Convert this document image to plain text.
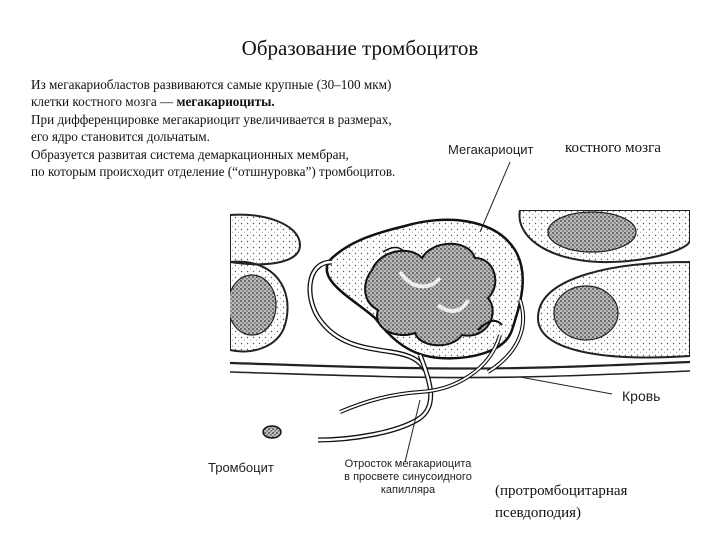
Образование тромбоцитов

Из мегакариобластов развиваются самые крупные (30–100 мкм)

клетки костного мозга — мегакариоциты.

При дифференцировке мегакариоцит увеличивается в размерах,

его ядро становится дольчатым.

Образуется развитая система демаркационных мембран,

по которым происходит отделение (“отшнуровка”) тромбоцитов.

Мегакариоцит костного мозга
Кровь
Тромбоцит	Отросток мегакариоцита
в просвете синусоидного
капилляра	(протромбоцитарная
псевдоподия)
